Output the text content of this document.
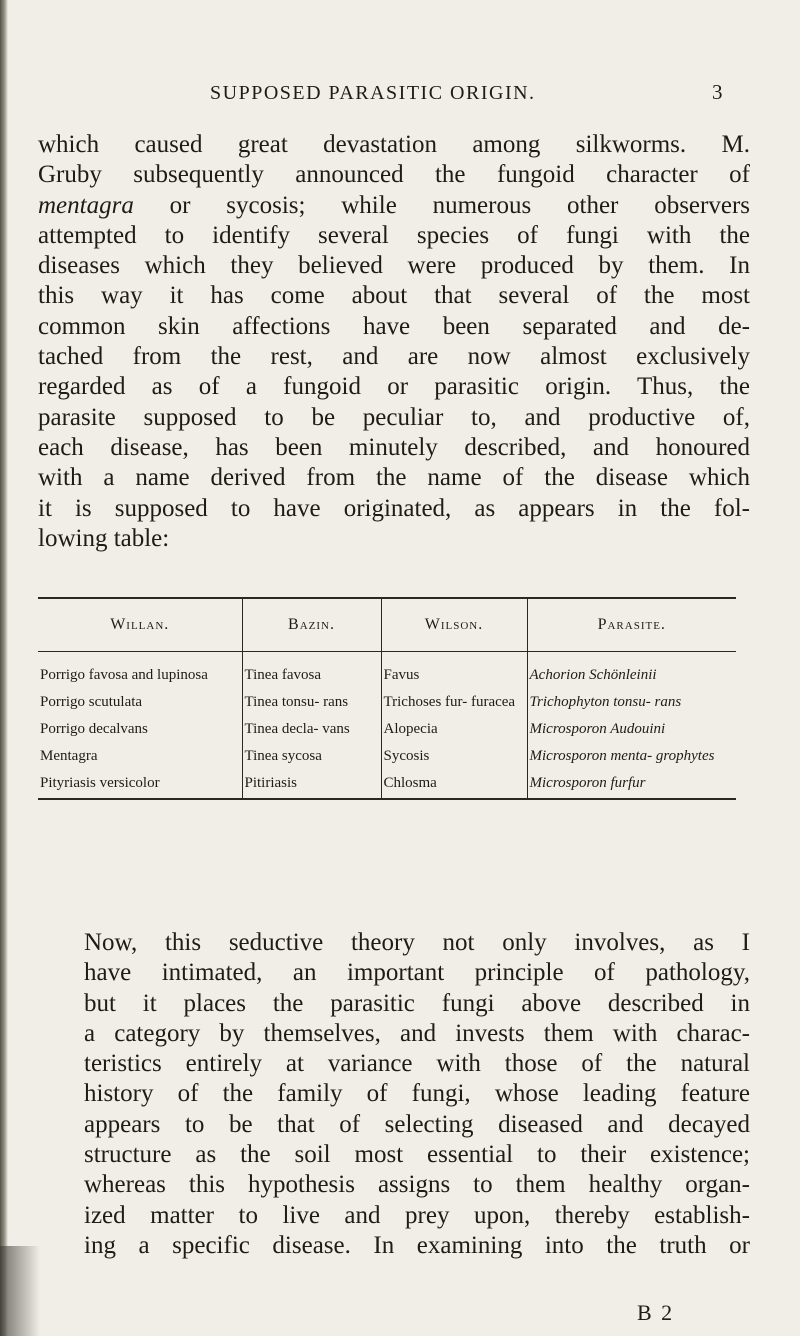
SUPPOSED PARASITIC ORIGIN.	3
which caused great devastation among silkworms. M.
Gruby subsequently announced the fungoid character of
mentagra or sycosis; while numerous other observers
attempted to identify several species of fungi with the
diseases which they believed were produced by them. In
this way it has come about that several of the most
common skin affections have been separated and de-
tached from the rest, and are now almost exclusively
regarded as of a fungoid or parasitic origin. Thus, the
parasite supposed to be peculiar to, and productive of,
each disease, has been minutely described, and honoured
with a name derived from the name of the disease which
it is supposed to have originated, as appears in the fol-
lowing table:
Willan.	Bazin.	Wilson.	Parasite.
Porrigo favosa and lupinosa	Tinea favosa	Favus	Achorion Schönleinii
Porrigo scutulata	Tinea tonsu- rans	Trichoses fur- furacea	Trichophyton tonsu- rans
Porrigo decalvans	Tinea decla- vans	Alopecia	Microsporon Audouini
Mentagra	Tinea sycosa	Sycosis	Microsporon menta- grophytes
Pityriasis versicolor	Pitiriasis	Chlosma	Microsporon furfur
Now, this seductive theory not only involves, as I
have intimated, an important principle of pathology,
but it places the parasitic fungi above described in
a category by themselves, and invests them with charac-
teristics entirely at variance with those of the natural
history of the family of fungi, whose leading feature
appears to be that of selecting diseased and decayed
structure as the soil most essential to their existence;
whereas this hypothesis assigns to them healthy organ-
ized matter to live and prey upon, thereby establish-
ing a specific disease. In examining into the truth or
B 2
